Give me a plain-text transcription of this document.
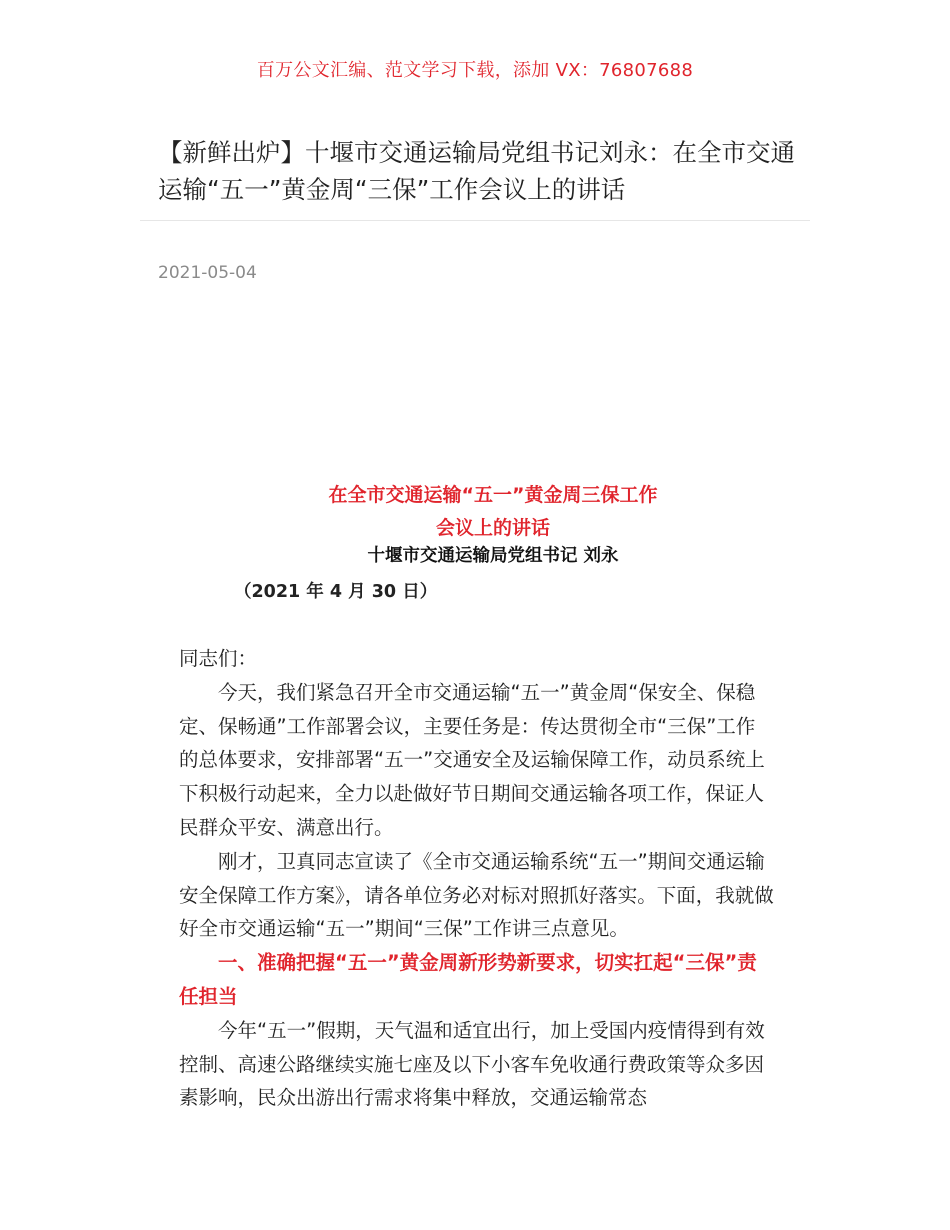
百万公文汇编、范文学习下载，添加 VX：76807688
【新鲜出炉】十堰市交通运输局党组书记刘永：在全市交通运输“五一”黄金周“三保”工作会议上的讲话
2021-05-04
在全市交通运输“五一”黄金周三保工作
会议上的讲话
十堰市交通运输局党组书记 刘永
（2021 年 4 月 30 日）

同志们：

今天，我们紧急召开全市交通运输“五一”黄金周“保安全、保稳定、保畅通”工作部署会议，主要任务是：传达贯彻全市“三保”工作的总体要求，安排部署“五一”交通安全及运输保障工作，动员系统上下积极行动起来，全力以赴做好节日期间交通运输各项工作，保证人民群众平安、满意出行。

刚才，卫真同志宣读了《全市交通运输系统“五一”期间交通运输安全保障工作方案》，请各单位务必对标对照抓好落实。下面，我就做好全市交通运输“五一”期间“三保”工作讲三点意见。

一、准确把握“五一”黄金周新形势新要求，切实扛起“三保”责任担当

今年“五一”假期，天气温和适宜出行，加上受国内疫情得到有效控制、高速公路继续实施七座及以下小客车免收通行费政策等众多因素影响，民众出游出行需求将集中释放，交通运输常态
